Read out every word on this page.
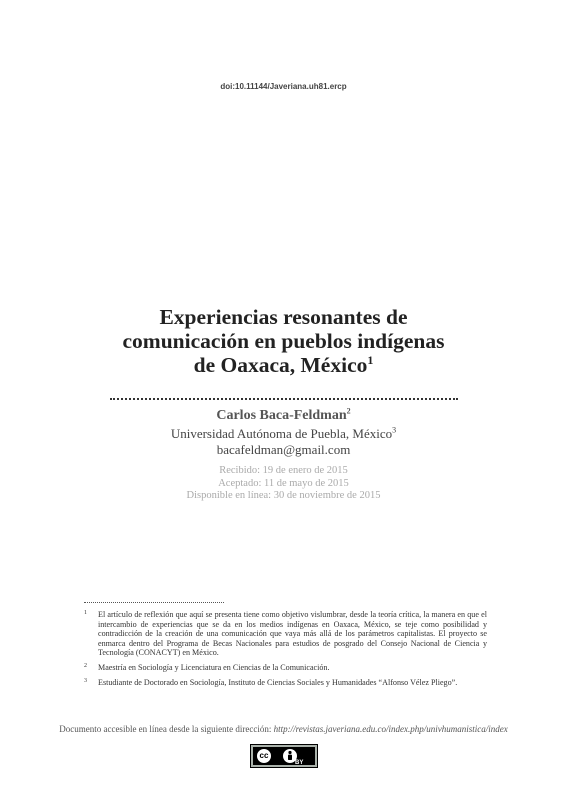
doi:10.11144/Javeriana.uh81.ercp
Experiencias resonantes de
comunicación en pueblos indígenas
de Oaxaca, México$^1$
Carlos Baca-Feldman$^2$
Universidad Autónoma de Puebla, México$^3$
bacafeldman@gmail.com
Recibido: 19 de enero de 2015
Aceptado: 11 de mayo de 2015
Disponible en línea: 30 de noviembre de 2015
1	El artículo de reflexión que aquí se presenta tiene como objetivo vislumbrar, desde la teoría crítica, la manera en que el intercambio de experiencias que se da en los medios indígenas en Oaxaca, México, se teje como posibilidad y contradicción de la creación de una comunicación que vaya más allá de los parámetros capitalistas. El proyecto se enmarca dentro del Programa de Becas Nacionales para estudios de posgrado del Consejo Nacional de Ciencia y Tecnología (CONACYT) en México.
2	Maestría en Sociología y Licenciatura en Ciencias de la Comunicación.
3	Estudiante de Doctorado en Sociología, Instituto de Ciencias Sociales y Humanidades “Alfonso Vélez Pliego”.
Documento accesible en línea desde la siguiente dirección: http://revistas.javeriana.edu.co/index.php/univhumanistica/index
cc
BY
